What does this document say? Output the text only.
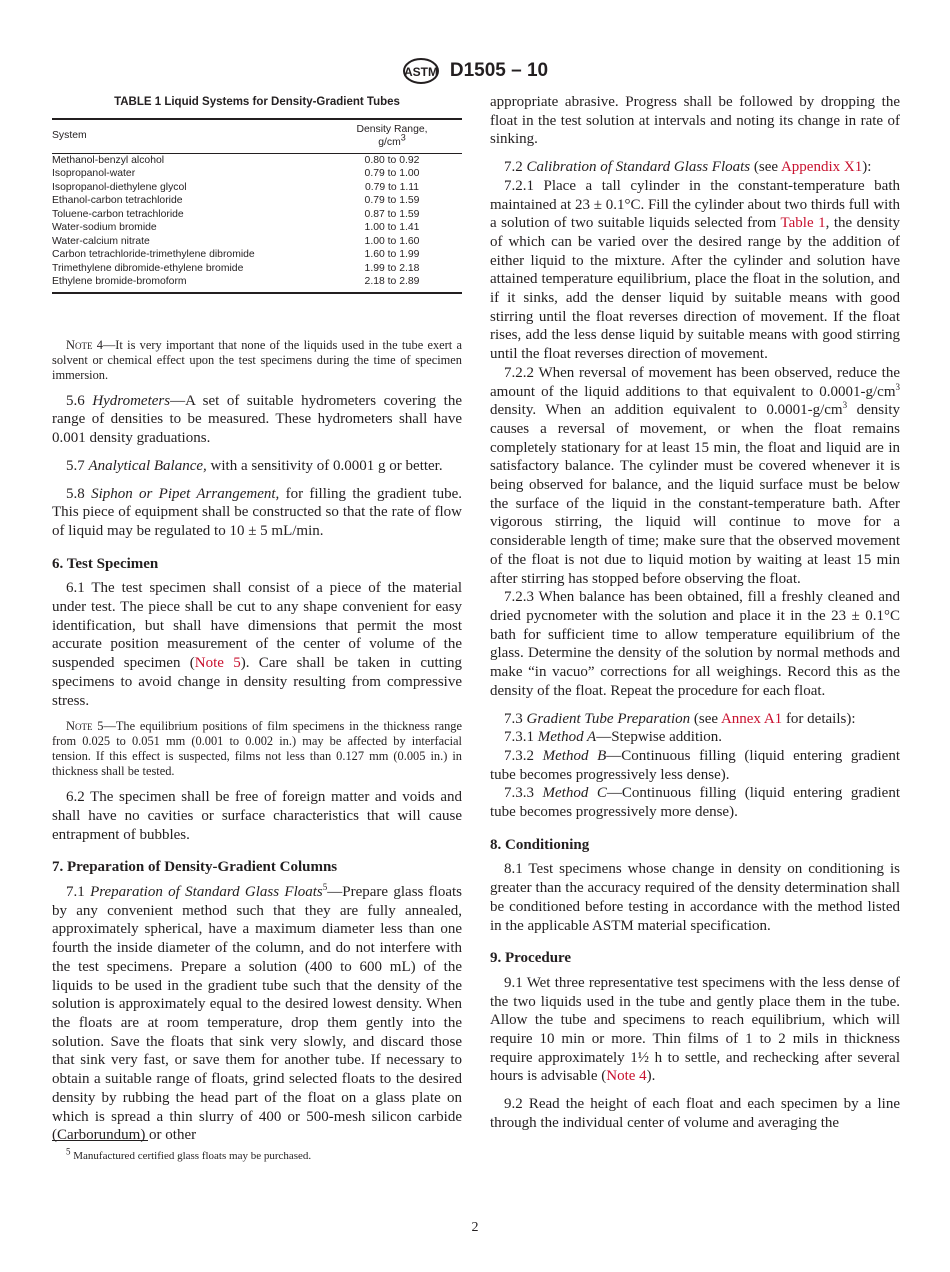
ASTM D1505 – 10
TABLE 1 Liquid Systems for Density-Gradient Tubes
System	Density Range,
$g/cm^3$
Methanol-benzyl alcohol	0.80 to 0.92
Isopropanol-water	0.79 to 1.00
Isopropanol-diethylene glycol	0.79 to 1.11
Ethanol-carbon tetrachloride	0.79 to 1.59
Toluene-carbon tetrachloride	0.87 to 1.59
Water-sodium bromide	1.00 to 1.41
Water-calcium nitrate	1.00 to 1.60
Carbon tetrachloride-trimethylene dibromide	1.60 to 1.99
Trimethylene dibromide-ethylene bromide	1.99 to 2.18
Ethylene bromide-bromoform	2.18 to 2.89

Note 4—It is very important that none of the liquids used in the tube exert a solvent or chemical effect upon the test specimens during the time of specimen immersion.

5.6 Hydrometers—A set of suitable hydrometers covering the range of densities to be measured. These hydrometers shall have 0.001 density graduations.

5.7 Analytical Balance, with a sensitivity of 0.0001 g or better.

5.8 Siphon or Pipet Arrangement, for filling the gradient tube. This piece of equipment shall be constructed so that the rate of flow of liquid may be regulated to 10 ± 5 mL/min.

6. Test Specimen

6.1 The test specimen shall consist of a piece of the material under test. The piece shall be cut to any shape convenient for easy identification, but shall have dimensions that permit the most accurate position measurement of the center of volume of the suspended specimen (Note 5). Care shall be taken in cutting specimens to avoid change in density resulting from compressive stress.

Note 5—The equilibrium positions of film specimens in the thickness range from 0.025 to 0.051 mm (0.001 to 0.002 in.) may be affected by interfacial tension. If this effect is suspected, films not less than 0.127 mm (0.005 in.) in thickness shall be tested.

6.2 The specimen shall be free of foreign matter and voids and shall have no cavities or surface characteristics that will cause entrapment of bubbles.

7. Preparation of Density-Gradient Columns

7.1 Preparation of Standard Glass Floats$^5$—Prepare glass floats by any convenient method such that they are fully annealed, approximately spherical, have a maximum diameter less than one fourth the inside diameter of the column, and do not interfere with the test specimens. Prepare a solution (400 to 600 mL) of the liquids to be used in the gradient tube such that the density of the solution is approximately equal to the desired lowest density. When the floats are at room temperature, drop them gently into the solution. Save the floats that sink very slowly, and discard those that sink very fast, or save them for another tube. If necessary to obtain a suitable range of floats, grind selected floats to the desired density by rubbing the head part of the float on a glass plate on which is spread a thin slurry of 400 or 500-mesh silicon carbide (Carborundum) or other

appropriate abrasive. Progress shall be followed by dropping the float in the test solution at intervals and noting its change in rate of sinking.

7.2 Calibration of Standard Glass Floats (see Appendix X1):

7.2.1 Place a tall cylinder in the constant-temperature bath maintained at 23 ± 0.1°C. Fill the cylinder about two thirds full with a solution of two suitable liquids selected from Table 1, the density of which can be varied over the desired range by the addition of either liquid to the mixture. After the cylinder and solution have attained temperature equilibrium, place the float in the solution, and if it sinks, add the denser liquid by suitable means with good stirring until the float reverses direction of movement. If the float rises, add the less dense liquid by suitable means with good stirring until the float reverses direction of movement.

7.2.2 When reversal of movement has been observed, reduce the amount of the liquid additions to that equivalent to $0.0001-g/cm^3$ density. When an addition equivalent to $0.0001-g/cm^3$ density causes a reversal of movement, or when the float remains completely stationary for at least 15 min, the float and liquid are in satisfactory balance. The cylinder must be covered whenever it is being observed for balance, and the liquid surface must be below the surface of the liquid in the constant-temperature bath. After vigorous stirring, the liquid will continue to move for a considerable length of time; make sure that the observed movement of the float is not due to liquid motion by waiting at least 15 min after stirring has stopped before observing the float.

7.2.3 When balance has been obtained, fill a freshly cleaned and dried pycnometer with the solution and place it in the 23 ± 0.1°C bath for sufficient time to allow temperature equilibrium of the glass. Determine the density of the solution by normal methods and make “in vacuo” corrections for all weighings. Record this as the density of the float. Repeat the procedure for each float.

7.3 Gradient Tube Preparation (see Annex A1 for details):

7.3.1 Method A—Stepwise addition.

7.3.2 Method B—Continuous filling (liquid entering gradient tube becomes progressively less dense).

7.3.3 Method C—Continuous filling (liquid entering gradient tube becomes progressively more dense).

8. Conditioning

8.1 Test specimens whose change in density on conditioning is greater than the accuracy required of the density determination shall be conditioned before testing in accordance with the method listed in the applicable ASTM material specification.

9. Procedure

9.1 Wet three representative test specimens with the less dense of the two liquids used in the tube and gently place them in the tube. Allow the tube and specimens to reach equilibrium, which will require 10 min or more. Thin films of 1 to 2 mils in thickness require approximately 1½ h to settle, and rechecking after several hours is advisable (Note 4).

9.2 Read the height of each float and each specimen by a line through the individual center of volume and averaging the

$^5$ Manufactured certified glass floats may be purchased.
2
